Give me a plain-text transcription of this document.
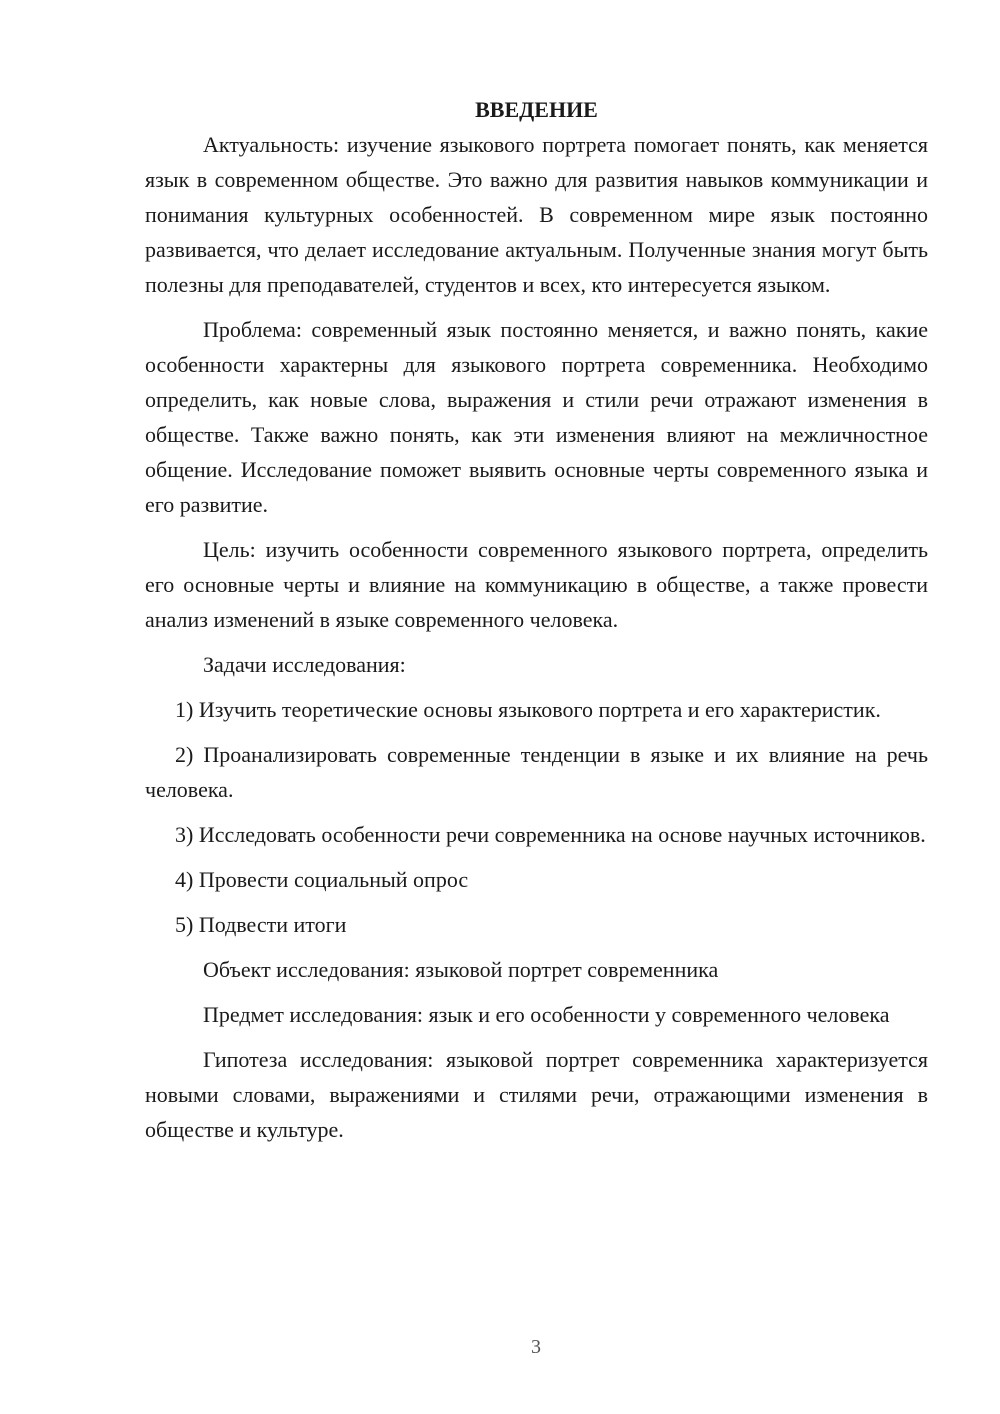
ВВЕДЕНИЕ

Актуальность: изучение языкового портрета помогает понять, как меняется язык в современном обществе. Это важно для развития навыков коммуникации и понимания культурных особенностей. В современном мире язык постоянно развивается, что делает исследование актуальным. Полученные знания могут быть полезны для преподавателей, студентов и всех, кто интересуется языком.

Проблема: современный язык постоянно меняется, и важно понять, какие особенности характерны для языкового портрета современника. Необходимо определить, как новые слова, выражения и стили речи отражают изменения в обществе. Также важно понять, как эти изменения влияют на межличностное общение. Исследование поможет выявить основные черты современного языка и его развитие.

Цель: изучить особенности современного языкового портрета, определить его основные черты и влияние на коммуникацию в обществе, а также провести анализ изменений в языке современного человека.

Задачи исследования:

1) Изучить теоретические основы языкового портрета и его характеристик.

2) Проанализировать современные тенденции в языке и их влияние на речь человека.

3) Исследовать особенности речи современника на основе научных источников.

4) Провести социальный опрос

5) Подвести итоги

Объект исследования: языковой портрет современника

Предмет исследования: язык и его особенности у современного человека

Гипотеза исследования: языковой портрет современника характеризуется новыми словами, выражениями и стилями речи, отражающими изменения в обществе и культуре.

3
